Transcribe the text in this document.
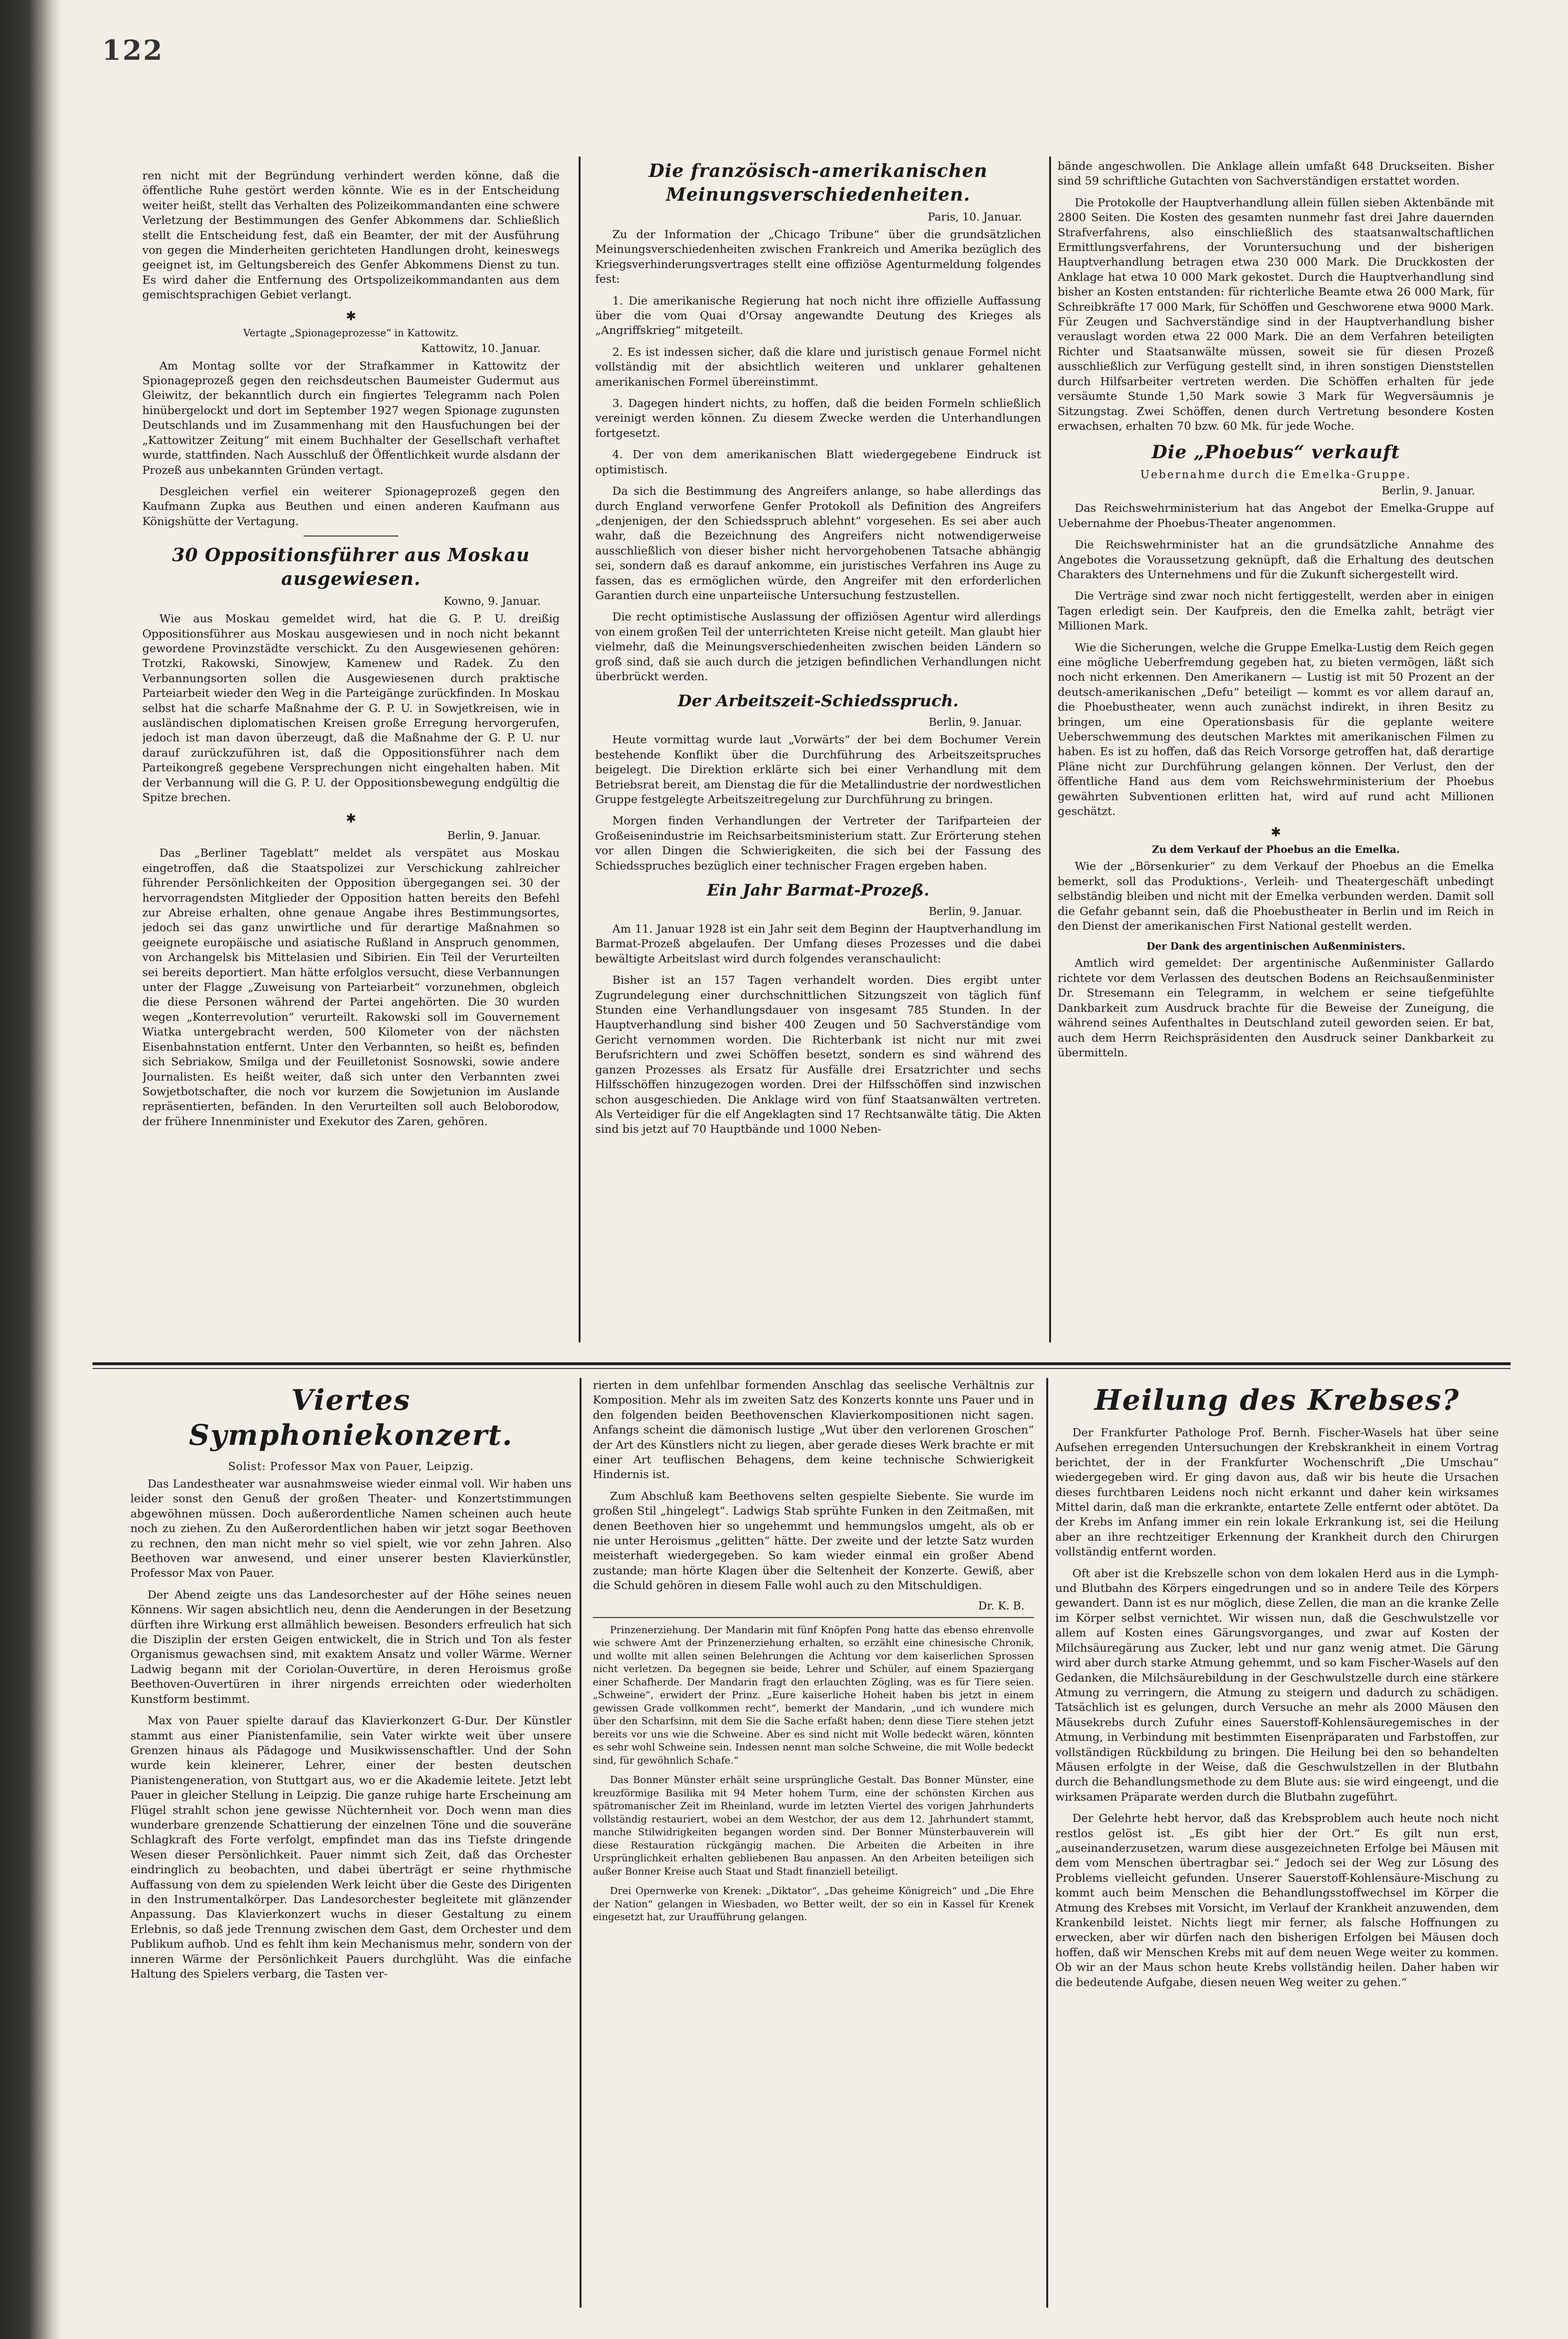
122

ren nicht mit der Begründung verhindert werden könne, daß die öffentliche Ruhe gestört werden könnte. Wie es in der Entscheidung weiter heißt, stellt das Verhalten des Polizeikommandanten eine schwere Verletzung der Bestimmungen des Genfer Abkommens dar. Schließlich stellt die Entscheidung fest, daß ein Beamter, der mit der Ausführung von gegen die Minderheiten gerichteten Handlungen droht, keineswegs geeignet ist, im Geltungsbereich des Genfer Abkommens Dienst zu tun. Es wird daher die Entfernung des Ortspolizeikommandanten aus dem gemischtsprachigen Gebiet verlangt.

✱
Vertagte „Spionageprozesse“ in Kattowitz.
Kattowitz, 10. Januar.

Am Montag sollte vor der Strafkammer in Kattowitz der Spionageprozeß gegen den reichsdeutschen Baumeister Gudermut aus Gleiwitz, der bekanntlich durch ein fingiertes Telegramm nach Polen hinübergelockt und dort im September 1927 wegen Spionage zugunsten Deutschlands und im Zusammenhang mit den Hausfuchungen bei der „Kattowitzer Zeitung“ mit einem Buchhalter der Gesellschaft verhaftet wurde, stattfinden. Nach Ausschluß der Öffentlichkeit wurde alsdann der Prozeß aus unbekannten Gründen vertagt.

Desgleichen verfiel ein weiterer Spionageprozeß gegen den Kaufmann Zupka aus Beuthen und einen anderen Kaufmann aus Königshütte der Vertagung.

30 Oppositionsführer aus Moskau ausgewiesen.
Kowno, 9. Januar.

Wie aus Moskau gemeldet wird, hat die G. P. U. dreißig Oppositionsführer aus Moskau ausgewiesen und in noch nicht bekannt gewordene Provinzstädte verschickt. Zu den Ausgewiesenen gehören: Trotzki, Rakowski, Sinowjew, Kamenew und Radek. Zu den Verbannungsorten sollen die Ausgewiesenen durch praktische Parteiarbeit wieder den Weg in die Parteigänge zurückfinden. In Moskau selbst hat die scharfe Maßnahme der G. P. U. in Sowjetkreisen, wie in ausländischen diplomatischen Kreisen große Erregung hervorgerufen, jedoch ist man davon überzeugt, daß die Maßnahme der G. P. U. nur darauf zurückzuführen ist, daß die Oppositionsführer nach dem Parteikongreß gegebene Versprechungen nicht eingehalten haben. Mit der Verbannung will die G. P. U. der Oppositionsbewegung endgültig die Spitze brechen.

✱
Berlin, 9. Januar.

Das „Berliner Tageblatt“ meldet als verspätet aus Moskau eingetroffen, daß die Staatspolizei zur Verschickung zahlreicher führender Persönlichkeiten der Opposition übergegangen sei. 30 der hervorragendsten Mitglieder der Opposition hatten bereits den Befehl zur Abreise erhalten, ohne genaue Angabe ihres Bestimmungsortes, jedoch sei das ganz unwirtliche und für derartige Maßnahmen so geeignete europäische und asiatische Rußland in Anspruch genommen, von Archangelsk bis Mittelasien und Sibirien. Ein Teil der Verurteilten sei bereits deportiert. Man hätte erfolglos versucht, diese Verbannungen unter der Flagge „Zuweisung von Parteiarbeit“ vorzunehmen, obgleich die diese Personen während der Partei angehörten. Die 30 wurden wegen „Konterrevolution“ verurteilt. Rakowski soll im Gouvernement Wiatka untergebracht werden, 500 Kilometer von der nächsten Eisenbahnstation entfernt. Unter den Verbannten, so heißt es, befinden sich Sebriakow, Smilga und der Feuilletonist Sosnowski, sowie andere Journalisten. Es heißt weiter, daß sich unter den Verbannten zwei Sowjetbotschafter, die noch vor kurzem die Sowjetunion im Auslande repräsentierten, befänden. In den Verurteilten soll auch Beloborodow, der frühere Innenminister und Exekutor des Zaren, gehören.

Die französisch-amerikanischen Meinungsverschiedenheiten.
Paris, 10. Januar.

Zu der Information der „Chicago Tribune“ über die grundsätzlichen Meinungsverschiedenheiten zwischen Frankreich und Amerika bezüglich des Kriegsverhinderungsvertrages stellt eine offiziöse Agenturmeldung folgendes fest:

1. Die amerikanische Regierung hat noch nicht ihre offizielle Auffassung über die vom Quai d'Orsay angewandte Deutung des Krieges als „Angriffskrieg“ mitgeteilt.

2. Es ist indessen sicher, daß die klare und juristisch genaue Formel nicht vollständig mit der absichtlich weiteren und unklarer gehaltenen amerikanischen Formel übereinstimmt.

3. Dagegen hindert nichts, zu hoffen, daß die beiden Formeln schließlich vereinigt werden können. Zu diesem Zwecke werden die Unterhandlungen fortgesetzt.

4. Der von dem amerikanischen Blatt wiedergegebene Eindruck ist optimistisch.

Da sich die Bestimmung des Angreifers anlange, so habe allerdings das durch England verworfene Genfer Protokoll als Definition des Angreifers „denjenigen, der den Schiedsspruch ablehnt“ vorgesehen. Es sei aber auch wahr, daß die Bezeichnung des Angreifers nicht notwendigerweise ausschließlich von dieser bisher nicht hervorgehobenen Tatsache abhängig sei, sondern daß es darauf ankomme, ein juristisches Verfahren ins Auge zu fassen, das es ermöglichen würde, den Angreifer mit den erforderlichen Garantien durch eine unparteiische Untersuchung festzustellen.

Die recht optimistische Auslassung der offiziösen Agentur wird allerdings von einem großen Teil der unterrichteten Kreise nicht geteilt. Man glaubt hier vielmehr, daß die Meinungsverschiedenheiten zwischen beiden Ländern so groß sind, daß sie auch durch die jetzigen befindlichen Verhandlungen nicht überbrückt werden.

Der Arbeitszeit-Schiedsspruch.
Berlin, 9. Januar.

Heute vormittag wurde laut „Vorwärts“ der bei dem Bochumer Verein bestehende Konflikt über die Durchführung des Arbeitszeitspruches beigelegt. Die Direktion erklärte sich bei einer Verhandlung mit dem Betriebsrat bereit, am Dienstag die für die Metallindustrie der nordwestlichen Gruppe festgelegte Arbeitszeitregelung zur Durchführung zu bringen.

Morgen finden Verhandlungen der Vertreter der Tarifparteien der Großeisenindustrie im Reichsarbeitsministerium statt. Zur Erörterung stehen vor allen Dingen die Schwierigkeiten, die sich bei der Fassung des Schiedsspruches bezüglich einer technischer Fragen ergeben haben.

Ein Jahr Barmat-Prozeß.
Berlin, 9. Januar.

Am 11. Januar 1928 ist ein Jahr seit dem Beginn der Hauptverhandlung im Barmat-Prozeß abgelaufen. Der Umfang dieses Prozesses und die dabei bewältigte Arbeitslast wird durch folgendes veranschaulicht:

Bisher ist an 157 Tagen verhandelt worden. Dies ergibt unter Zugrundelegung einer durchschnittlichen Sitzungszeit von täglich fünf Stunden eine Verhandlungsdauer von insgesamt 785 Stunden. In der Hauptverhandlung sind bisher 400 Zeugen und 50 Sachverständige vom Gericht vernommen worden. Die Richterbank ist nicht nur mit zwei Berufsrichtern und zwei Schöffen besetzt, sondern es sind während des ganzen Prozesses als Ersatz für Ausfälle drei Ersatzrichter und sechs Hilfsschöffen hinzugezogen worden. Drei der Hilfsschöffen sind inzwischen schon ausgeschieden. Die Anklage wird von fünf Staatsanwälten vertreten. Als Verteidiger für die elf Angeklagten sind 17 Rechtsanwälte tätig. Die Akten sind bis jetzt auf 70 Hauptbände und 1000 Neben-

bände angeschwollen. Die Anklage allein umfaßt 648 Druckseiten. Bisher sind 59 schriftliche Gutachten von Sachverständigen erstattet worden.

Die Protokolle der Hauptverhandlung allein füllen sieben Aktenbände mit 2800 Seiten. Die Kosten des gesamten nunmehr fast drei Jahre dauernden Strafverfahrens, also einschließlich des staatsanwaltschaftlichen Ermittlungsverfahrens, der Voruntersuchung und der bisherigen Hauptverhandlung betragen etwa 230 000 Mark. Die Druckkosten der Anklage hat etwa 10 000 Mark gekostet. Durch die Hauptverhandlung sind bisher an Kosten entstanden: für richterliche Beamte etwa 26 000 Mark, für Schreibkräfte 17 000 Mark, für Schöffen und Geschworene etwa 9000 Mark. Für Zeugen und Sachverständige sind in der Hauptverhandlung bisher verauslagt worden etwa 22 000 Mark. Die an dem Verfahren beteiligten Richter und Staatsanwälte müssen, soweit sie für diesen Prozeß ausschließlich zur Verfügung gestellt sind, in ihren sonstigen Dienststellen durch Hilfsarbeiter vertreten werden. Die Schöffen erhalten für jede versäumte Stunde 1,50 Mark sowie 3 Mark für Wegversäumnis je Sitzungstag. Zwei Schöffen, denen durch Vertretung besondere Kosten erwachsen, erhalten 70 bzw. 60 Mk. für jede Woche.

Die „Phoebus“ verkauft
Uebernahme durch die Emelka-Gruppe.
Berlin, 9. Januar.

Das Reichswehrministerium hat das Angebot der Emelka-Gruppe auf Uebernahme der Phoebus-Theater angenommen.

Die Reichswehrminister hat an die grundsätzliche Annahme des Angebotes die Voraussetzung geknüpft, daß die Erhaltung des deutschen Charakters des Unternehmens und für die Zukunft sichergestellt wird.

Die Verträge sind zwar noch nicht fertiggestellt, werden aber in einigen Tagen erledigt sein. Der Kaufpreis, den die Emelka zahlt, beträgt vier Millionen Mark.

Wie die Sicherungen, welche die Gruppe Emelka-Lustig dem Reich gegen eine mögliche Ueberfremdung gegeben hat, zu bieten vermögen, läßt sich noch nicht erkennen. Den Amerikanern — Lustig ist mit 50 Prozent an der deutsch-amerikanischen „Defu“ beteiligt — kommt es vor allem darauf an, die Phoebustheater, wenn auch zunächst indirekt, in ihren Besitz zu bringen, um eine Operationsbasis für die geplante weitere Ueberschwemmung des deutschen Marktes mit amerikanischen Filmen zu haben. Es ist zu hoffen, daß das Reich Vorsorge getroffen hat, daß derartige Pläne nicht zur Durchführung gelangen können. Der Verlust, den der öffentliche Hand aus dem vom Reichswehrministerium der Phoebus gewährten Subventionen erlitten hat, wird auf rund acht Millionen geschätzt.

✱
Zu dem Verkauf der Phoebus an die Emelka.

Wie der „Börsenkurier“ zu dem Verkauf der Phoebus an die Emelka bemerkt, soll das Produktions-, Verleih- und Theatergeschäft unbedingt selbständig bleiben und nicht mit der Emelka verbunden werden. Damit soll die Gefahr gebannt sein, daß die Phoebustheater in Berlin und im Reich in den Dienst der amerikanischen First National gestellt werden.

Der Dank des argentinischen Außenministers.

Amtlich wird gemeldet: Der argentinische Außenminister Gallardo richtete vor dem Verlassen des deutschen Bodens an Reichsaußenminister Dr. Stresemann ein Telegramm, in welchem er seine tiefgefühlte Dankbarkeit zum Ausdruck brachte für die Beweise der Zuneigung, die während seines Aufenthaltes in Deutschland zuteil geworden seien. Er bat, auch dem Herrn Reichspräsidenten den Ausdruck seiner Dankbarkeit zu übermitteln.

Viertes Symphoniekonzert.
Solist: Professor Max von Pauer, Leipzig.

Das Landestheater war ausnahmsweise wieder einmal voll. Wir haben uns leider sonst den Genuß der großen Theater- und Konzertstimmungen abgewöhnen müssen. Doch außerordentliche Namen scheinen auch heute noch zu ziehen. Zu den Außerordentlichen haben wir jetzt sogar Beethoven zu rechnen, den man nicht mehr so viel spielt, wie vor zehn Jahren. Also Beethoven war anwesend, und einer unserer besten Klavierkünstler, Professor Max von Pauer.

Der Abend zeigte uns das Landesorchester auf der Höhe seines neuen Könnens. Wir sagen absichtlich neu, denn die Aenderungen in der Besetzung dürften ihre Wirkung erst allmählich beweisen. Besonders erfreulich hat sich die Disziplin der ersten Geigen entwickelt, die in Strich und Ton als fester Organismus gewachsen sind, mit exaktem Ansatz und voller Wärme. Werner Ladwig begann mit der Coriolan-Ouvertüre, in deren Heroismus große Beethoven-Ouvertüren in ihrer nirgends erreichten oder wiederholten Kunstform bestimmt.

Max von Pauer spielte darauf das Klavierkonzert G-Dur. Der Künstler stammt aus einer Pianistenfamilie, sein Vater wirkte weit über unsere Grenzen hinaus als Pädagoge und Musikwissenschaftler. Und der Sohn wurde kein kleinerer, Lehrer, einer der besten deutschen Pianistengeneration, von Stuttgart aus, wo er die Akademie leitete. Jetzt lebt Pauer in gleicher Stellung in Leipzig. Die ganze ruhige harte Erscheinung am Flügel strahlt schon jene gewisse Nüchternheit vor. Doch wenn man dies wunderbare grenzende Schattierung der einzelnen Töne und die souveräne Schlagkraft des Forte verfolgt, empfindet man das ins Tiefste dringende Wesen dieser Persönlichkeit. Pauer nimmt sich Zeit, daß das Orchester eindringlich zu beobachten, und dabei überträgt er seine rhythmische Auffassung von dem zu spielenden Werk leicht über die Geste des Dirigenten in den Instrumentalkörper. Das Landesorchester begleitete mit glänzender Anpassung. Das Klavierkonzert wuchs in dieser Gestaltung zu einem Erlebnis, so daß jede Trennung zwischen dem Gast, dem Orchester und dem Publikum aufhob. Und es fehlt ihm kein Mechanismus mehr, sondern von der inneren Wärme der Persönlichkeit Pauers durchglüht. Was die einfache Haltung des Spielers verbarg, die Tasten ver-

rierten in dem unfehlbar formenden Anschlag das seelische Verhältnis zur Komposition. Mehr als im zweiten Satz des Konzerts konnte uns Pauer und in den folgenden beiden Beethovenschen Klavierkompositionen nicht sagen. Anfangs scheint die dämonisch lustige „Wut über den verlorenen Groschen“ der Art des Künstlers nicht zu liegen, aber gerade dieses Werk brachte er mit einer Art teuflischen Behagens, dem keine technische Schwierigkeit Hindernis ist.

Zum Abschluß kam Beethovens selten gespielte Siebente. Sie wurde im großen Stil „hingelegt“. Ladwigs Stab sprühte Funken in den Zeitmaßen, mit denen Beethoven hier so ungehemmt und hemmungslos umgeht, als ob er nie unter Heroismus „gelitten“ hätte. Der zweite und der letzte Satz wurden meisterhaft wiedergegeben. So kam wieder einmal ein großer Abend zustande; man hörte Klagen über die Seltenheit der Konzerte. Gewiß, aber die Schuld gehören in diesem Falle wohl auch zu den Mitschuldigen.

Dr. K. B.

Prinzenerziehung. Der Mandarin mit fünf Knöpfen Pong hatte das ebenso ehrenvolle wie schwere Amt der Prinzenerziehung erhalten, so erzählt eine chinesische Chronik, und wollte mit allen seinen Belehrungen die Achtung vor dem kaiserlichen Sprossen nicht verletzen. Da begegnen sie beide, Lehrer und Schüler, auf einem Spaziergang einer Schafherde. Der Mandarin fragt den erlauchten Zögling, was es für Tiere seien. „Schweine“, erwidert der Prinz. „Eure kaiserliche Hoheit haben bis jetzt in einem gewissen Grade vollkommen recht“, bemerkt der Mandarin, „und ich wundere mich über den Scharfsinn, mit dem Sie die Sache erfaßt haben; denn diese Tiere stehen jetzt bereits vor uns wie die Schweine. Aber es sind nicht mit Wolle bedeckt wären, könnten es sehr wohl Schweine sein. Indessen nennt man solche Schweine, die mit Wolle bedeckt sind, für gewöhnlich Schafe.“

Das Bonner Münster erhält seine ursprüngliche Gestalt. Das Bonner Münster, eine kreuzförmige Basilika mit 94 Meter hohem Turm, eine der schönsten Kirchen aus spätromanischer Zeit im Rheinland, wurde im letzten Viertel des vorigen Jahrhunderts vollständig restauriert, wobei an dem Westchor, der aus dem 12. Jahrhundert stammt, manche Stilwidrigkeiten begangen worden sind. Der Bonner Münsterbauverein will diese Restauration rückgängig machen. Die Arbeiten die Arbeiten in ihre Ursprünglichkeit erhalten gebliebenen Bau anpassen. An den Arbeiten beteiligen sich außer Bonner Kreise auch Staat und Stadt finanziell beteiligt.

Drei Opernwerke von Krenek: „Diktator“, „Das geheime Königreich“ und „Die Ehre der Nation“ gelangen in Wiesbaden, wo Better weilt, der so ein in Kassel für Krenek eingesetzt hat, zur Uraufführung gelangen.

Heilung des Krebses?

Der Frankfurter Pathologe Prof. Bernh. Fischer-Wasels hat über seine Aufsehen erregenden Untersuchungen der Krebskrankheit in einem Vortrag berichtet, der in der Frankfurter Wochenschrift „Die Umschau“ wiedergegeben wird. Er ging davon aus, daß wir bis heute die Ursachen dieses furchtbaren Leidens noch nicht erkannt und daher kein wirksames Mittel darin, daß man die erkrankte, entartete Zelle entfernt oder abtötet. Da der Krebs im Anfang immer ein rein lokale Erkrankung ist, sei die Heilung aber an ihre rechtzeitiger Erkennung der Krankheit durch den Chirurgen vollständig entfernt worden.

Oft aber ist die Krebszelle schon von dem lokalen Herd aus in die Lymph- und Blutbahn des Körpers eingedrungen und so in andere Teile des Körpers gewandert. Dann ist es nur möglich, diese Zellen, die man an die kranke Zelle im Körper selbst vernichtet. Wir wissen nun, daß die Geschwulstzelle vor allem auf Kosten eines Gärungsvorganges, und zwar auf Kosten der Milchsäuregärung aus Zucker, lebt und nur ganz wenig atmet. Die Gärung wird aber durch starke Atmung gehemmt, und so kam Fischer-Wasels auf den Gedanken, die Milchsäurebildung in der Geschwulstzelle durch eine stärkere Atmung zu verringern, die Atmung zu steigern und dadurch zu schädigen. Tatsächlich ist es gelungen, durch Versuche an mehr als 2000 Mäusen den Mäusekrebs durch Zufuhr eines Sauerstoff-Kohlensäuregemisches in der Atmung, in Verbindung mit bestimmten Eisenpräparaten und Farbstoffen, zur vollständigen Rückbildung zu bringen. Die Heilung bei den so behandelten Mäusen erfolgte in der Weise, daß die Geschwulstzellen in der Blutbahn durch die Behandlungsmethode zu dem Blute aus: sie wird eingeengt, und die wirksamen Präparate werden durch die Blutbahn zugeführt.

Der Gelehrte hebt hervor, daß das Krebsproblem auch heute noch nicht restlos gelöst ist. „Es gibt hier der Ort.“ Es gilt nun erst, „auseinanderzusetzen, warum diese ausgezeichneten Erfolge bei Mäusen mit dem vom Menschen übertragbar sei.“ Jedoch sei der Weg zur Lösung des Problems vielleicht gefunden. Unserer Sauerstoff-Kohlensäure-Mischung zu kommt auch beim Menschen die Behandlungsstoffwechsel im Körper die Atmung des Krebses mit Vorsicht, im Verlauf der Krankheit anzuwenden, dem Krankenbild leistet. Nichts liegt mir ferner, als falsche Hoffnungen zu erwecken, aber wir dürfen nach den bisherigen Erfolgen bei Mäusen doch hoffen, daß wir Menschen Krebs mit auf dem neuen Wege weiter zu kommen. Ob wir an der Maus schon heute Krebs vollständig heilen. Daher haben wir die bedeutende Aufgabe, diesen neuen Weg weiter zu gehen.“
